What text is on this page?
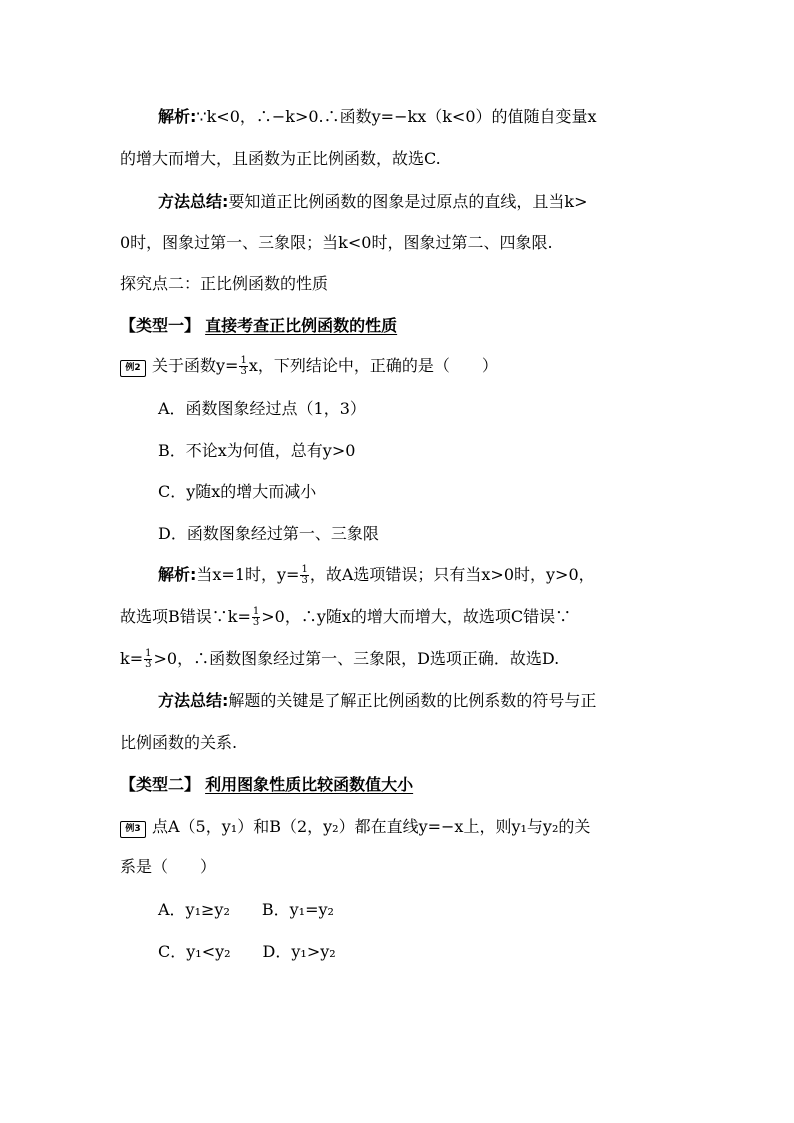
解析:∵k<0，∴−k>0.∴函数y=−kx（k<0）的值随自变量x
的增大而增大，且函数为正比例函数，故选C.
方法总结:要知道正比例函数的图象是过原点的直线，且当k>
0时，图象过第一、三象限；当k<0时，图象过第二、四象限.
探究点二：正比例函数的性质
【类型一】 直接考查正比例函数的性质
例2 关于函数$y= \frac{1}{3}$ x，下列结论中，正确的是（　　）
A．函数图象经过点（1，3）
B．不论x为何值，总有y>0
C．y随x的增大而减小
D．函数图象经过第一、三象限
解析:当x=1时，$y= \frac{1}{3}$ ，故A选项错误；只有当x>0时，y>0，
故选项B错误∵k= $\frac{1}{3} >0$，∴y随x的增大而增大，故选项C错误∵
$k= \frac{1}{3} >0$，∴函数图象经过第一、三象限，D选项正确．故选D.
方法总结:解题的关键是了解正比例函数的比例系数的符号与正
比例函数的关系.
【类型二】 利用图象性质比较函数值大小
例3 点A（5，y₁）和B（2，y₂）都在直线y=−x上，则y₁与y₂的关
系是（　　）
A．y₁≥y₂　　B．y₁=y₂
C．y₁<y₂　　D．y₁>y₂
